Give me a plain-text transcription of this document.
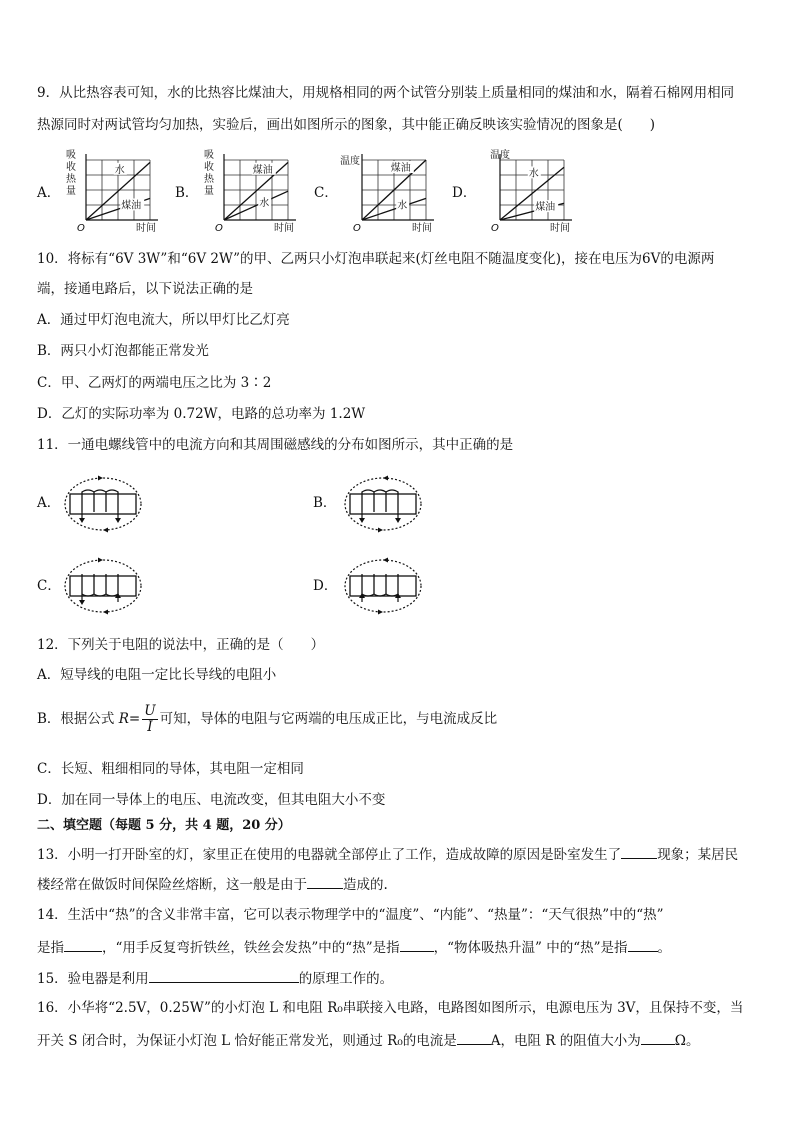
9．从比热容表可知，水的比热容比煤油大，用规格相同的两个试管分别装上质量相同的煤油和水，隔着石棉网用相同
热源同时对两试管均匀加热，实验后，画出如图所示的图象，其中能正确反映该实验情况的图象是(　　)
A．	B．	C．	D．
吸
收
热
量
O	时间
水
煤油
吸
收
热
量
O	时间
煤油
水
温度
O	时间
煤油
水
温度
O	时间
水
煤油
10．将标有“6V 3W”和“6V 2W”的甲、乙两只小灯泡串联起来(灯丝电阻不随温度变化)，接在电压为6V的电源两
端，接通电路后，以下说法正确的是
A．通过甲灯泡电流大，所以甲灯比乙灯亮
B．两只小灯泡都能正常发光
C．甲、乙两灯的两端电压之比为 3∶2
D．乙灯的实际功率为 0.72W，电路的总功率为 1.2W
11．一通电螺线管中的电流方向和其周围磁感线的分布如图所示，其中正确的是
A．	B．
C．	D．
12．下列关于电阻的说法中，正确的是（　　）
A．短导线的电阻一定比长导线的电阻小
B．根据公式 $R= \frac{U}{I}$ 可知，导体的电阻与它两端的电压成正比，与电流成反比
C．长短、粗细相同的导体，其电阻一定相同
D．加在同一导体上的电压、电流改变，但其电阻大小不变
二、填空题（每题 5 分，共 4 题，20 分）
13．小明一打开卧室的灯，家里正在使用的电器就全部停止了工作，造成故障的原因是卧室发生了	现象；某居民
楼经常在做饭时间保险丝熔断，这一般是由于	造成的.
14．生活中“热”的含义非常丰富，它可以表示物理学中的“温度”、“内能”、“热量”：“天气很热”中的“热”
是指	，“用手反复弯折铁丝，铁丝会发热”中的“热”是指	，“物体吸热升温” 中的“热”是指 。
15．验电器是利用	的原理工作的。
16．小华将“2.5V，0.25W”的小灯泡 L 和电阻 R₀串联接入电路，电路图如图所示，电源电压为 3V，且保持不变，当
开关 S 闭合时，为保证小灯泡 L 恰好能正常发光，则通过 R₀的电流是	A，电阻 R 的阻值大小为	Ω。
